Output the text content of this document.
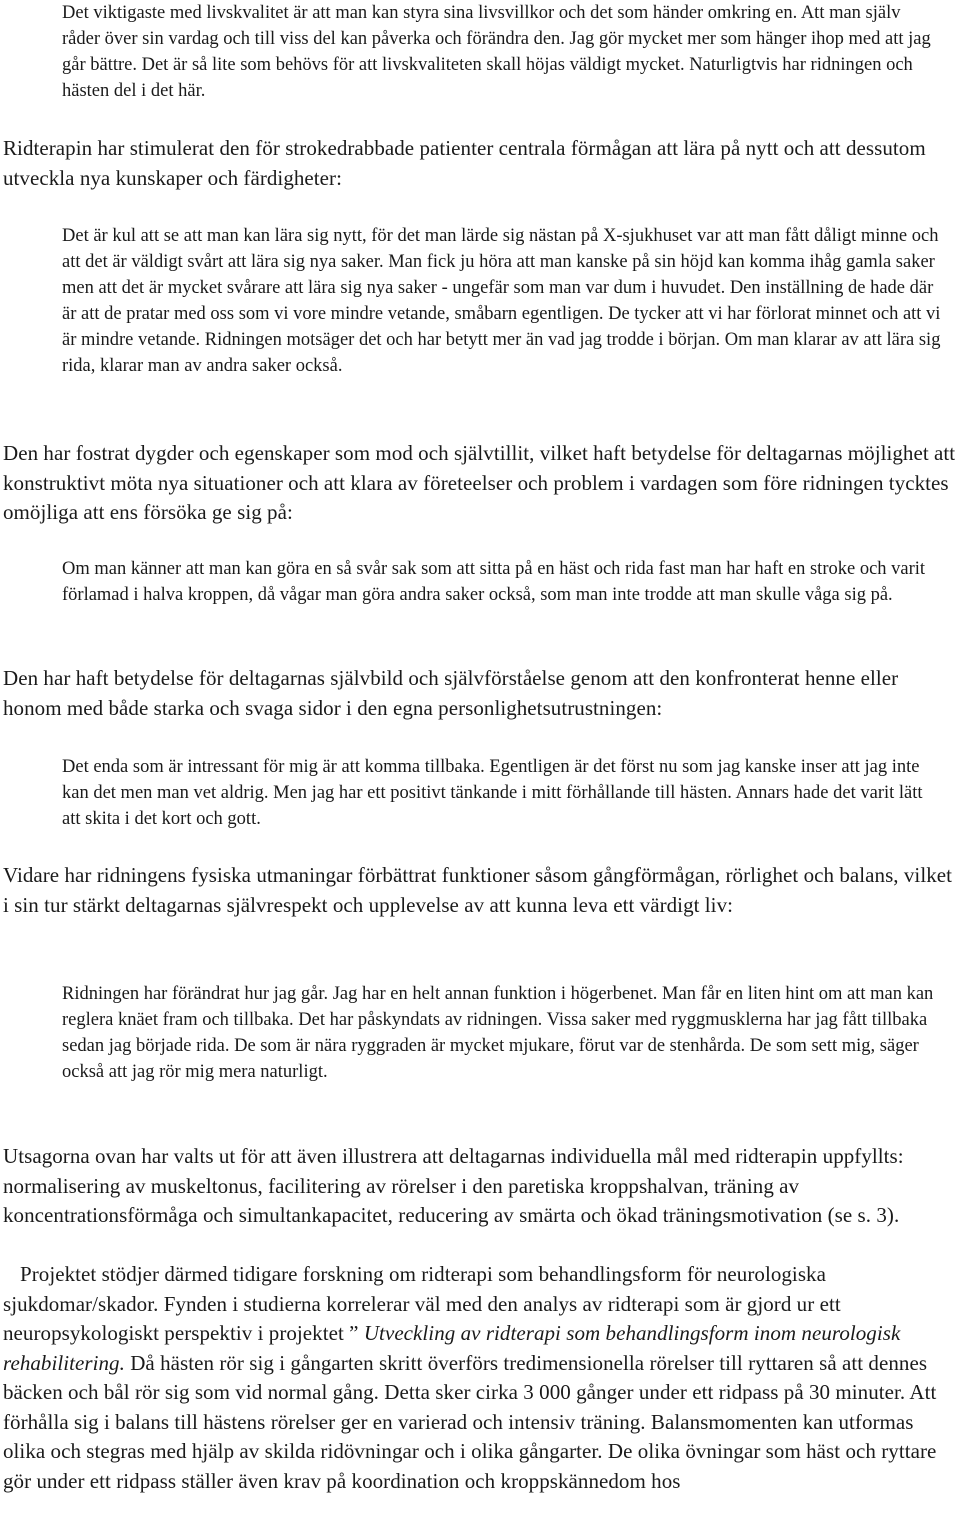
Det viktigaste med livskvalitet är att man kan styra sina livsvillkor och det som händer omkring en. Att man själv råder över sin vardag och till viss del kan påverka och förändra den. Jag gör mycket mer som hänger ihop med att jag går bättre. Det är så lite som behövs för att livskvaliteten skall höjas väldigt mycket. Naturligtvis har ridningen och hästen del i det här.

Ridterapin har stimulerat den för strokedrabbade patienter centrala förmågan att lära på nytt och att dessutom utveckla nya kunskaper och färdigheter:

Det är kul att se att man kan lära sig nytt, för det man lärde sig nästan på X-sjukhuset var att man fått dåligt minne och att det är väldigt svårt att lära sig nya saker. Man fick ju höra att man kanske på sin höjd kan komma ihåg gamla saker men att det är mycket svårare att lära sig nya saker - ungefär som man var dum i huvudet. Den inställning de hade där är att de pratar med oss som vi vore mindre vetande, småbarn egentligen. De tycker att vi har förlorat minnet och att vi är mindre vetande. Ridningen motsäger det och har betytt mer än vad jag trodde i början. Om man klarar av att lära sig rida, klarar man av andra saker också.

Den har fostrat dygder och egenskaper som mod och självtillit, vilket haft betydelse för deltagarnas möjlighet att konstruktivt möta nya situationer och att klara av företeelser och problem i vardagen som före ridningen tycktes omöjliga att ens försöka ge sig på:

Om man känner att man kan göra en så svår sak som att sitta på en häst och rida fast man har haft en stroke och varit förlamad i halva kroppen, då vågar man göra andra saker också, som man inte trodde att man skulle våga sig på.

Den har haft betydelse för deltagarnas självbild och självförståelse genom att den konfronterat henne eller honom med både starka och svaga sidor i den egna personlighetsutrustningen:

Det enda som är intressant för mig är att komma tillbaka. Egentligen är det först nu som jag kanske inser att jag inte kan det men man vet aldrig. Men jag har ett positivt tänkande i mitt förhållande till hästen. Annars hade det varit lätt att skita i det kort och gott.

Vidare har ridningens fysiska utmaningar förbättrat funktioner såsom gångförmågan, rörlighet och balans, vilket i sin tur stärkt deltagarnas självrespekt och upplevelse av att kunna leva ett värdigt liv:

Ridningen har förändrat hur jag går. Jag har en helt annan funktion i högerbenet. Man får en liten hint om att man kan reglera knäet fram och tillbaka. Det har påskyndats av ridningen. Vissa saker med ryggmusklerna har jag fått tillbaka sedan jag började rida. De som är nära ryggraden är mycket mjukare, förut var de stenhårda. De som sett mig, säger också att jag rör mig mera naturligt.

Utsagorna ovan har valts ut för att även illustrera att deltagarnas individuella mål med ridterapin uppfyllts: normalisering av muskeltonus, facilitering av rörelser i den paretiska kroppshalvan, träning av koncentrationsförmåga och simultankapacitet, reducering av smärta och ökad träningsmotivation (se s. 3).

Projektet stödjer därmed tidigare forskning om ridterapi som behandlingsform för neurologiska sjukdomar/skador. Fynden i studierna korrelerar väl med den analys av ridterapi som är gjord ur ett neuropsykologiskt perspektiv i projektet ” Utveckling av ridterapi som behandlingsform inom neurologisk rehabilitering. Då hästen rör sig i gångarten skritt överförs tredimensionella rörelser till ryttaren så att dennes bäcken och bål rör sig som vid normal gång. Detta sker cirka 3 000 gånger under ett ridpass på 30 minuter. Att förhålla sig i balans till hästens rörelser ger en varierad och intensiv träning. Balansmomenten kan utformas olika och stegras med hjälp av skilda ridövningar och i olika gångarter. De olika övningar som häst och ryttare gör under ett ridpass ställer även krav på koordination och kroppskännedom hos
